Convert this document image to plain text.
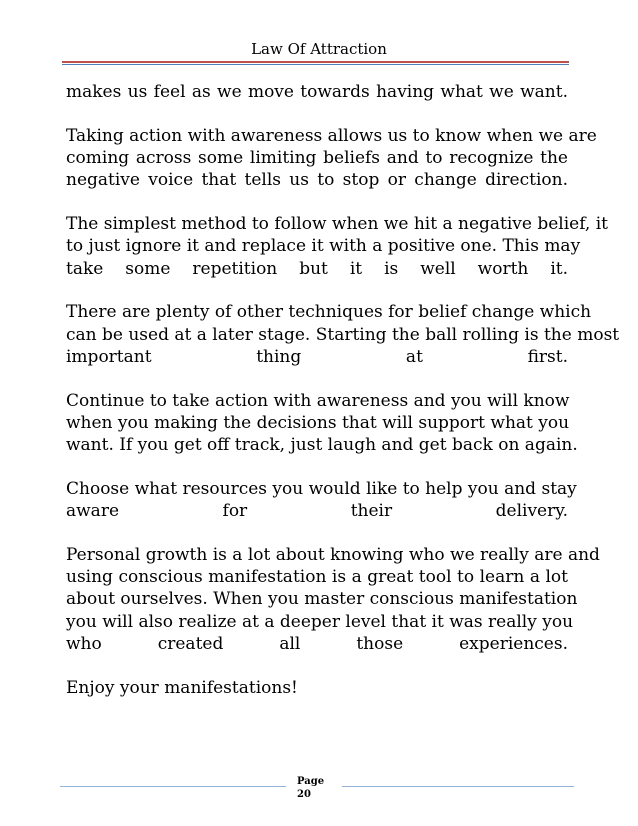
Law Of Attraction
makes us feel as we move towards having what we want.
Taking action with awareness allows us to know when we are
coming across some limiting beliefs and to recognize the
negative voice that tells us to stop or change direction.
The simplest method to follow when we hit a negative belief, it
to just ignore it and replace it with a positive one. This may
take some repetition but it is well worth it.
There are plenty of other techniques for belief change which
can be used at a later stage. Starting the ball rolling is the most
important thing at first.
Continue to take action with awareness and you will know
when you making the decisions that will support what you
want. If you get off track, just laugh and get back on again.
Choose what resources you would like to help you and stay
aware for their delivery.
Personal growth is a lot about knowing who we really are and
using conscious manifestation is a great tool to learn a lot
about ourselves. When you master conscious manifestation
you will also realize at a deeper level that it was really you
who created all those experiences.
Enjoy your manifestations!
Page
20
